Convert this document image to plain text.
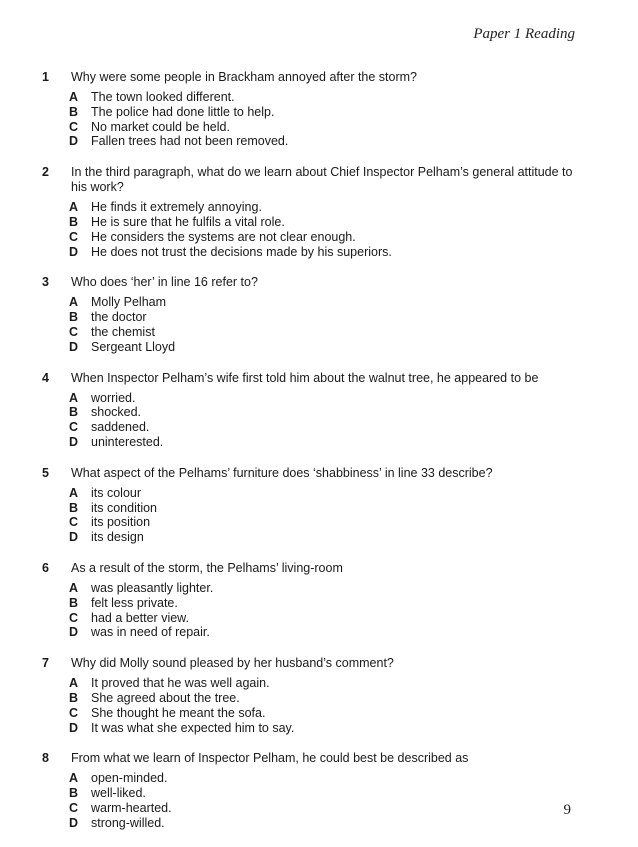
Paper 1 Reading
1	Why were some people in Brackham annoyed after the storm?
A	The town looked different.
B	The police had done little to help.
C	No market could be held.
D	Fallen trees had not been removed.
2	In the third paragraph, what do we learn about Chief Inspector Pelham’s general attitude to his work?
A	He finds it extremely annoying.
B	He is sure that he fulfils a vital role.
C	He considers the systems are not clear enough.
D	He does not trust the decisions made by his superiors.
3	Who does ‘her’ in line 16 refer to?
A	Molly Pelham
B	the doctor
C	the chemist
D	Sergeant Lloyd
4	When Inspector Pelham’s wife first told him about the walnut tree, he appeared to be
A	worried.
B	shocked.
C	saddened.
D	uninterested.
5	What aspect of the Pelhams’ furniture does ‘shabbiness’ in line 33 describe?
A	its colour
B	its condition
C	its position
D	its design
6	As a result of the storm, the Pelhams’ living-room
A	was pleasantly lighter.
B	felt less private.
C	had a better view.
D	was in need of repair.
7	Why did Molly sound pleased by her husband’s comment?
A	It proved that he was well again.
B	She agreed about the tree.
C	She thought he meant the sofa.
D	It was what she expected him to say.
8	From what we learn of Inspector Pelham, he could best be described as
A	open-minded.
B	well-liked.
C	warm-hearted.
D	strong-willed.
9
